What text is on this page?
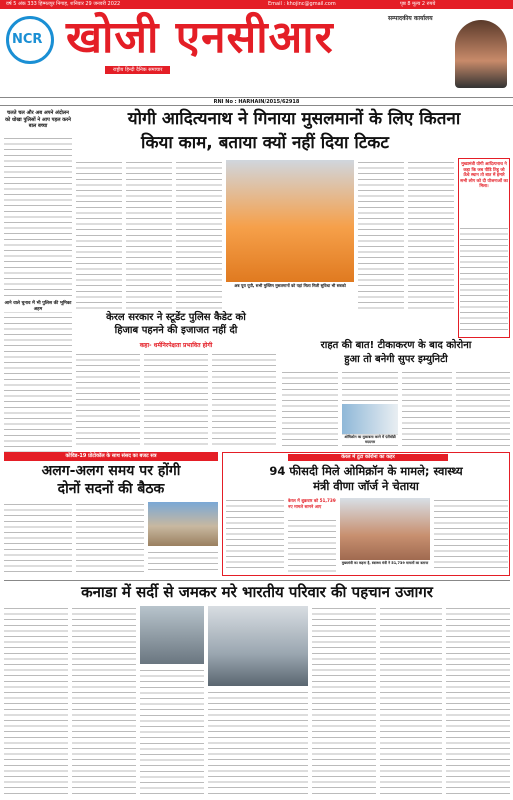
वर्ष 5 अंक 333 हिम्मतपुर निगाह, शनिवार 29 जनवरी 2022	Email : khojinc@gmail.com	पृष्ठ 8 मूल्य 2 रुपये
NCR खोजी एनसीआर
राष्ट्रीय हिन्दी दैनिक समाचार
सम्पादकीय कार्यालय
RNI No : HARHAIN/2015/62918
चलते चल और अब अपने अंदोलन को धोखा पुलिसों ने आप पहल करने बाल बच्चा
आने वाले चुनाव में भी पुलिस की भूमिका अहम
योगी आदित्यनाथ ने गिनाया मुसलमानों के लिए कितना
किया काम, बताया क्यों नहीं दिया टिकट
अब पूरा यूपी, सभी मुस्लिम मुसलमानों को यहां मिला मिली सुविधा भी सबको
मुख्यमंत्री योगी आदित्यनाथ ने कहा कि जब पीडि तिहू जो ऊँचे स्थान तो बात में हमारे सभी लोग को दी योजनाओं का मिला।
केरल सरकार ने स्टूडेंट पुलिस कैडेट को
हिजाब पहनने की इजाजत नहीं दी
कहा- धर्मनिरपेक्षता प्रभावित होगी	राहत की बात! टीकाकरण के बाद कोरोना
हुआ तो बनेगी सुपर इम्युनिटी
ओमिक्रोन का मुकाबला करने में एंटीबॉडी मददगार
कोविड-19 प्रोटोकॉल के साथ संसद का बजट सत्र
अलग-अलग समय पर होंगी
दोनों सदनों की बैठक
केरल में टूटा कोरोना का कहर
94 फीसदी मिले ओमिक्रॉन के मामले; स्वास्थ्य
मंत्री वीणा जॉर्ज ने चेताया
केरल में शुक्रवार को 51,739 नए मामले सामने आए
मुख्यमंत्री का कहना है, स्वास्थ्य मंत्री ने 51,739 मामलों का बताया
कनाडा में सर्दी से जमकर मरे भारतीय परिवार की पहचान उजागर
